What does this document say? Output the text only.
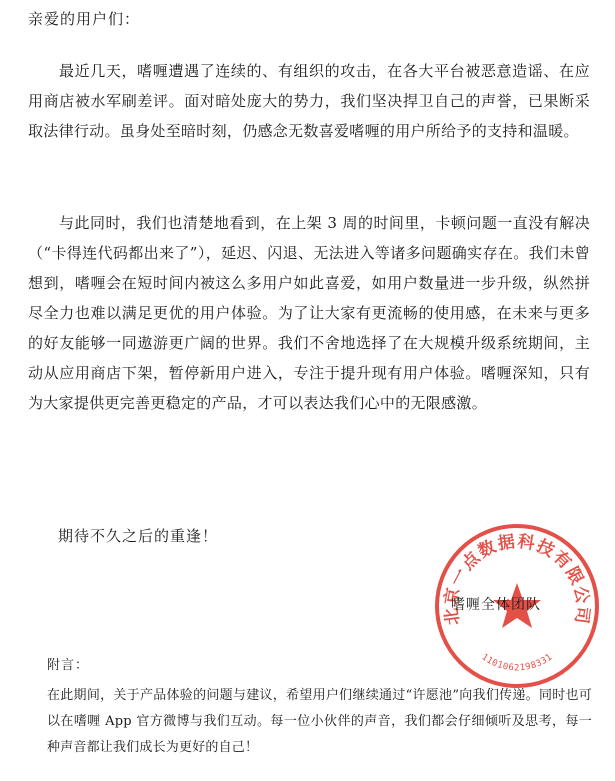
亲爱的用户们：

最近几天，嗜喱遭遇了连续的、有组织的攻击，在各大平台被恶意造谣、在应用商店被水军刷差评。面对暗处庞大的势力，我们坚决捍卫自己的声誉，已果断采取法律行动。虽身处至暗时刻，仍感念无数喜爱嗜喱的用户所给予的支持和温暖。

与此同时，我们也清楚地看到，在上架 3 周的时间里，卡顿问题一直没有解决（“卡得连代码都出来了”），延迟、闪退、无法进入等诸多问题确实存在。我们未曾想到，嗜喱会在短时间内被这么多用户如此喜爱，如用户数量进一步升级，纵然拼尽全力也难以满足更优的用户体验。为了让大家有更流畅的使用感，在未来与更多的好友能够一同遨游更广阔的世界。我们不舍地选择了在大规模升级系统期间，主动从应用商店下架，暂停新用户进入，专注于提升现有用户体验。嗜喱深知，只有为大家提供更完善更稳定的产品，才可以表达我们心中的无限感激。

期待不久之后的重逢！
北京一点数据科技有限公司
1101062198331
嗜喱全体团队
附言：

在此期间，关于产品体验的问题与建议，希望用户们继续通过“许愿池”向我们传递。同时也可以在嗜喱 App 官方微博与我们互动。每一位小伙伴的声音，我们都会仔细倾听及思考，每一种声音都让我们成长为更好的自己！
